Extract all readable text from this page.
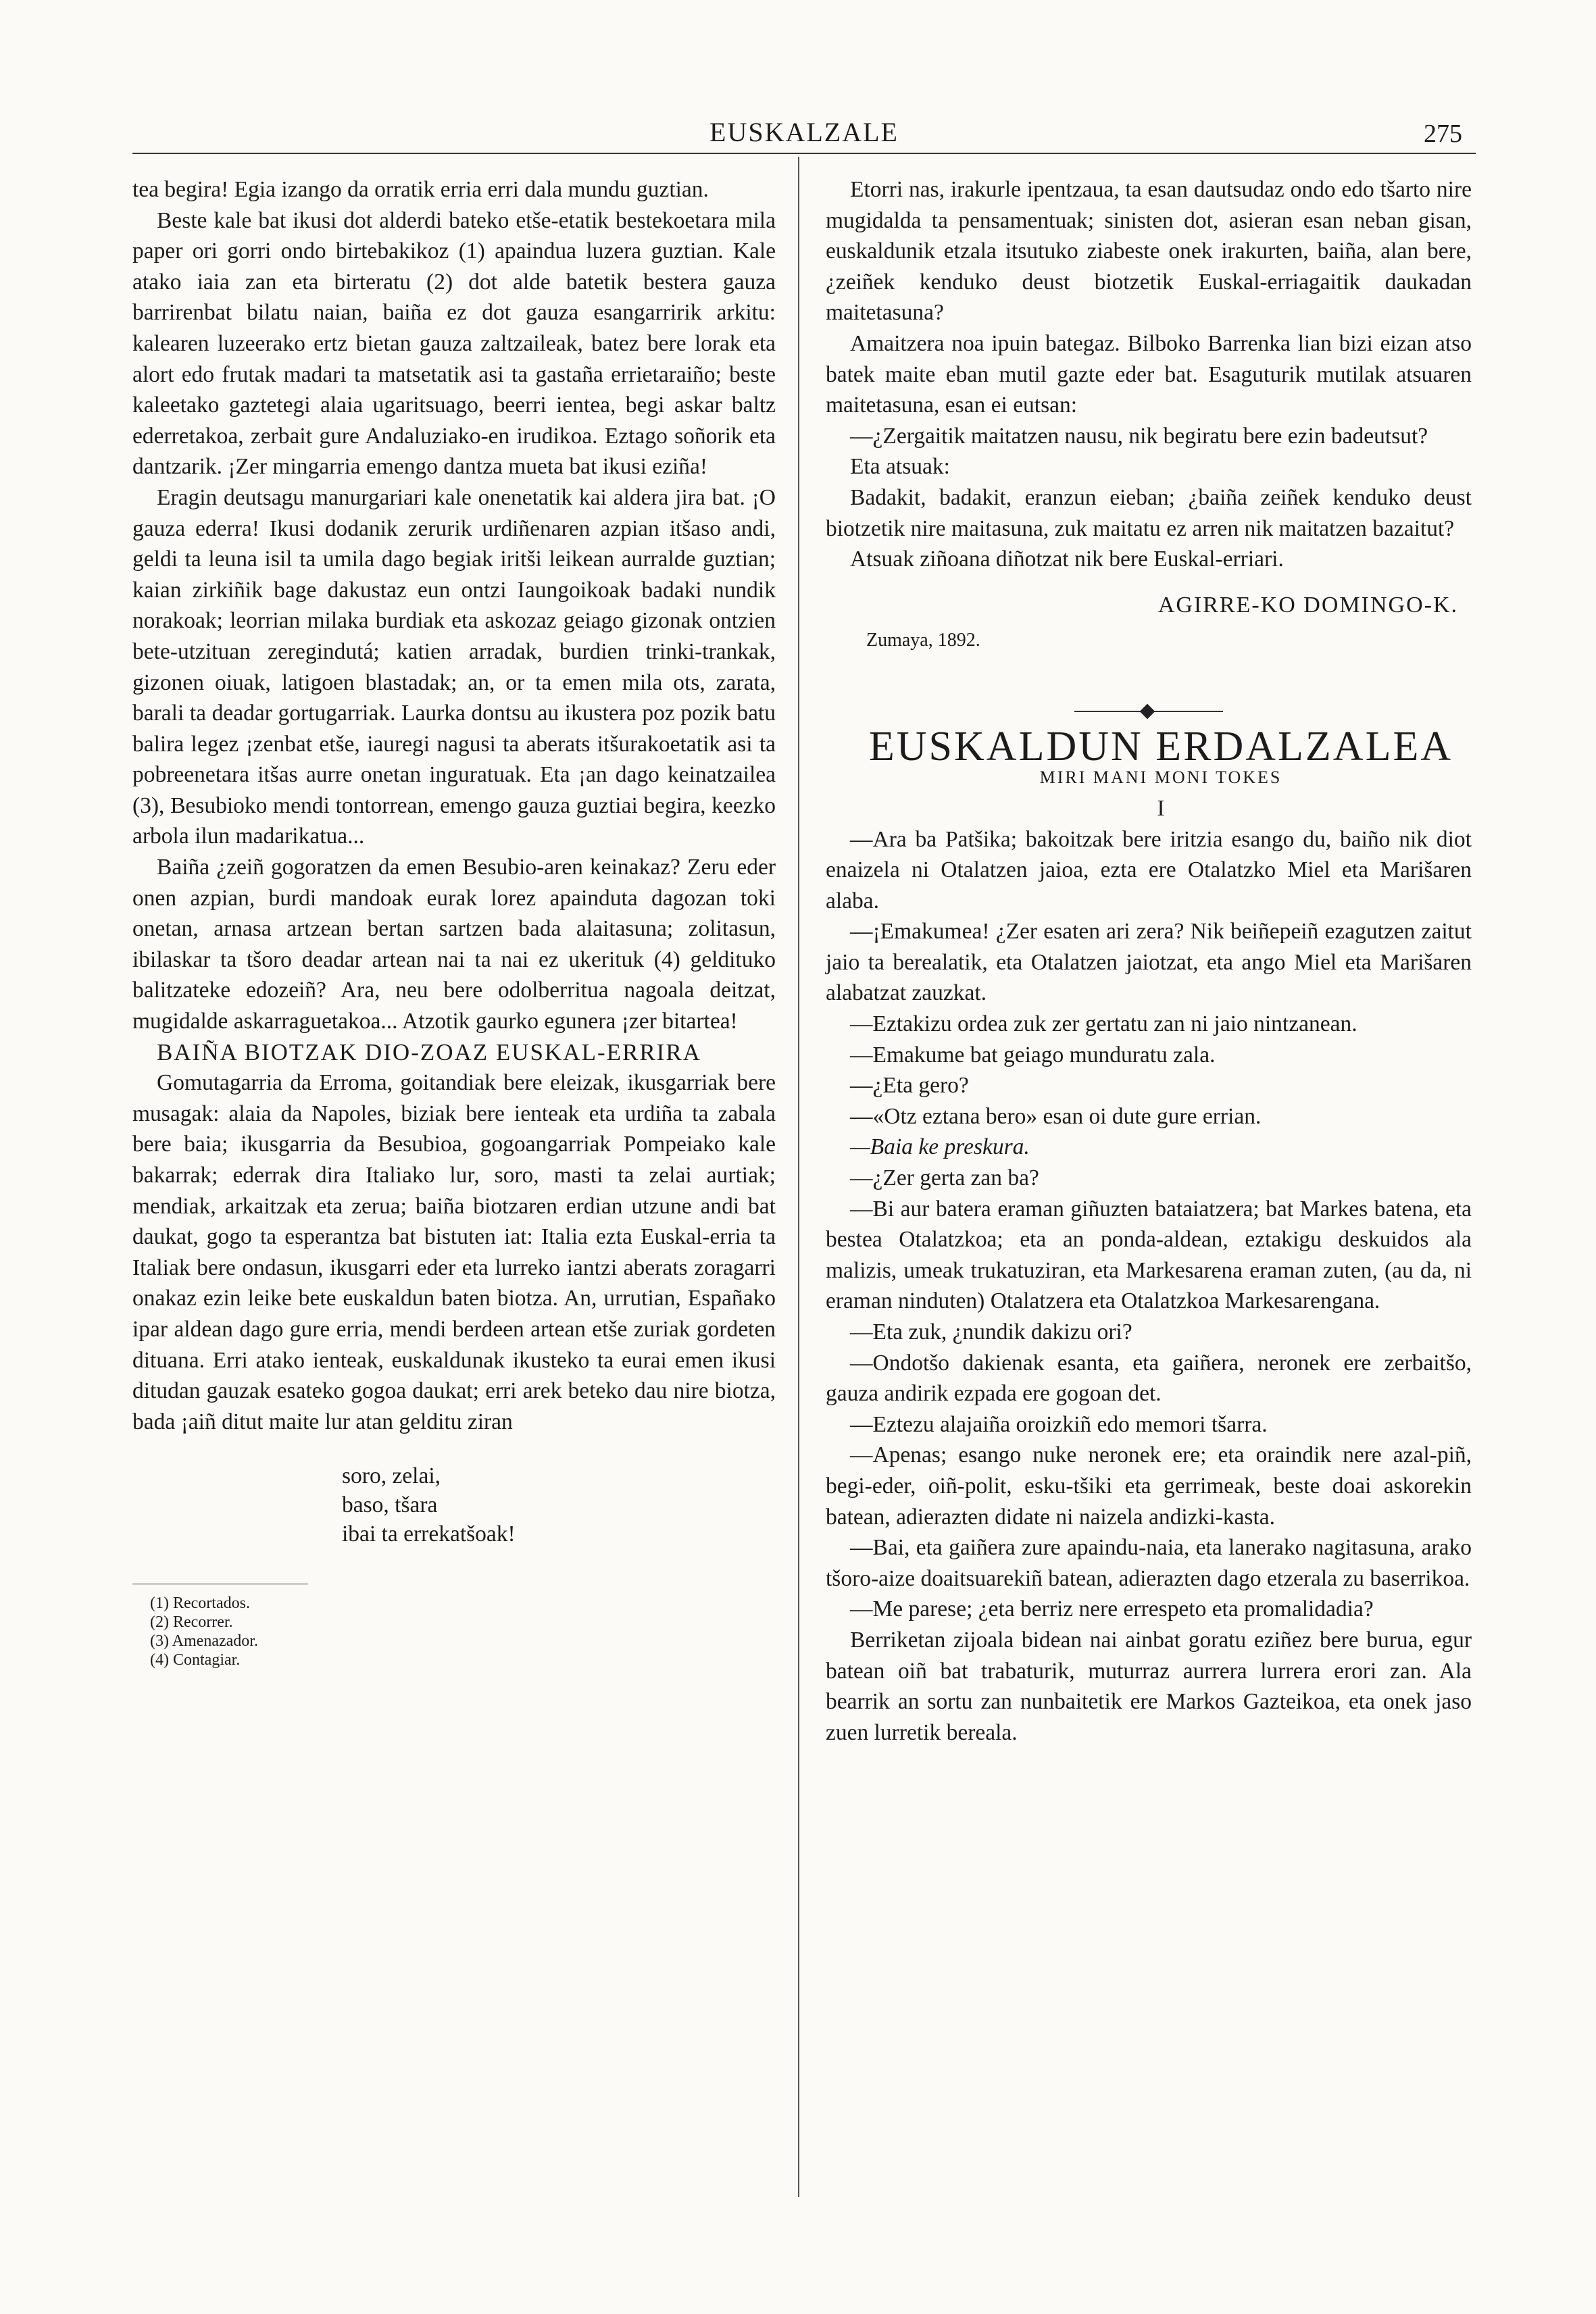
EUSKALZALE	275

tea begira! Egia izango da orratik erria erri dala mundu guztian.

Beste kale bat ikusi dot alderdi bateko etše-etatik bestekoetara mila paper ori gorri ondo birtebakikoz (1) apaindua luzera guztian. Kale atako iaia zan eta birteratu (2) dot alde batetik bestera gauza barrirenbat bilatu naian, baiña ez dot gauza esangarririk arkitu: kalearen luzeerako ertz bietan gauza zaltzaileak, batez bere lorak eta alort edo frutak madari ta matsetatik asi ta gastaña errietaraiño; beste kaleetako gaztetegi alaia ugaritsuago, beerri ientea, begi askar baltz ederretakoa, zerbait gure Andaluziako-en irudikoa. Eztago soñorik eta dantzarik. ¡Zer mingarria emengo dantza mueta bat ikusi eziña!

Eragin deutsagu manurgariari kale onenetatik kai aldera jira bat. ¡O gauza ederra! Ikusi dodanik zerurik urdiñenaren azpian itšaso andi, geldi ta leuna isil ta umila dago begiak iritši leikean aurralde guztian; kaian zirkiñik bage dakustaz eun ontzi Iaungoikoak badaki nundik norakoak; leorrian milaka burdiak eta askozaz geiago gizonak ontzien bete-utzituan zeregindutá; katien arradak, burdien trinki-trankak, gizonen oiuak, latigoen blastadak; an, or ta emen mila ots, zarata, barali ta deadar gortugarriak. Laurka dontsu au ikustera poz pozik batu balira legez ¡zenbat etše, iauregi nagusi ta aberats itšurakoetatik asi ta pobreenetara itšas aurre onetan inguratuak. Eta ¡an dago keinatzailea (3), Besubioko mendi tontorrean, emengo gauza guztiai begira, keezko arbola ilun madarikatua...

Baiña ¿zeiñ gogoratzen da emen Besubio-aren keinakaz? Zeru eder onen azpian, burdi mandoak eurak lorez apainduta dagozan toki onetan, arnasa artzean bertan sartzen bada alaitasuna; zolitasun, ibilaskar ta tšoro deadar artean nai ta nai ez ukerituk (4) geldituko balitzateke edozeiñ? Ara, neu bere odolberritua nagoala deitzat, mugidalde askarraguetakoa... Atzotik gaurko egunera ¡zer bitartea!

BAIÑA BIOTZAK DIO-ZOAZ EUSKAL-ERRIRA

Gomutagarria da Erroma, goitandiak bere eleizak, ikusgarriak bere musagak: alaia da Napoles, biziak bere ienteak eta urdiña ta zabala bere baia; ikusgarria da Besubioa, gogoangarriak Pompeiako kale bakarrak; ederrak dira Italiako lur, soro, masti ta zelai aurtiak; mendiak, arkaitzak eta zerua; baiña biotzaren erdian utzune andi bat daukat, gogo ta esperantza bat bistuten iat: Italia ezta Euskal-erria ta Italiak bere ondasun, ikusgarri eder eta lurreko iantzi aberats zoragarri onakaz ezin leike bete euskaldun baten biotza. An, urrutian, Españako ipar aldean dago gure erria, mendi berdeen artean etše zuriak gordeten dituana. Erri atako ienteak, euskaldunak ikusteko ta eurai emen ikusi ditudan gauzak esateko gogoa daukat; erri arek beteko dau nire biotza, bada ¡aiñ ditut maite lur atan gelditu ziran

soro, zelai,
baso, tšara
ibai ta errekatšoak!
(1) Recortados.
(2) Recorrer.
(3) Amenazador.
(4) Contagiar.

Etorri nas, irakurle ipentzaua, ta esan dautsudaz ondo edo tšarto nire mugidalda ta pensamentuak; sinisten dot, asieran esan neban gisan, euskaldunik etzala itsutuko ziabeste onek irakurten, baiña, alan bere, ¿zeiñek kenduko deust biotzetik Euskal-erriagaitik daukadan maitetasuna?

Amaitzera noa ipuin bategaz. Bilboko Barrenka lian bizi eizan atso batek maite eban mutil gazte eder bat. Esaguturik mutilak atsuaren maitetasuna, esan ei eutsan:

—¿Zergaitik maitatzen nausu, nik begiratu bere ezin badeutsut?

Eta atsuak:

Badakit, badakit, eranzun eieban; ¿baiña zeiñek kenduko deust biotzetik nire maitasuna, zuk maitatu ez arren nik maitatzen bazaitut?

Atsuak ziñoana diñotzat nik bere Euskal-erriari.

AGIRRE-KO DOMINGO-K.
Zumaya, 1892.

EUSKALDUN ERDALZALEA

MIRI MANI MONI TOKES

I

—Ara ba Patšika; bakoitzak bere iritzia esango du, baiño nik diot enaizela ni Otalatzen jaioa, ezta ere Otalatzko Miel eta Marišaren alaba.

—¡Emakumea! ¿Zer esaten ari zera? Nik beiñepeiñ ezagutzen zaitut jaio ta berealatik, eta Otalatzen jaiotzat, eta ango Miel eta Marišaren alabatzat zauzkat.

—Eztakizu ordea zuk zer gertatu zan ni jaio nintzanean.

—Emakume bat geiago munduratu zala.

—¿Eta gero?

—«Otz eztana bero» esan oi dute gure errian.

—Baia ke preskura.

—¿Zer gerta zan ba?

—Bi aur batera eraman giñuzten bataiatzera; bat Markes batena, eta bestea Otalatzkoa; eta an ponda-aldean, eztakigu deskuidos ala malizis, umeak trukatuziran, eta Markesarena eraman zuten, (au da, ni eraman ninduten) Otalatzera eta Otalatzkoa Markesarengana.

—Eta zuk, ¿nundik dakizu ori?

—Ondotšo dakienak esanta, eta gaiñera, neronek ere zerbaitšo, gauza andirik ezpada ere gogoan det.

—Eztezu alajaiña oroizkiñ edo memori tšarra.

—Apenas; esango nuke neronek ere; eta oraindik nere azal-piñ, begi-eder, oiñ-polit, esku-tšiki eta gerrimeak, beste doai askorekin batean, adierazten didate ni naizela andizki-kasta.

—Bai, eta gaiñera zure apaindu-naia, eta lanerako nagitasuna, arako tšoro-aize doaitsuarekiñ batean, adierazten dago etzerala zu baserrikoa.

—Me parese; ¿eta berriz nere errespeto eta promalidadia?

Berriketan zijoala bidean nai ainbat goratu eziñez bere burua, egur batean oiñ bat trabaturik, muturraz aurrera lurrera erori zan. Ala bearrik an sortu zan nunbaitetik ere Markos Gazteikoa, eta onek jaso zuen lurretik bereala.
